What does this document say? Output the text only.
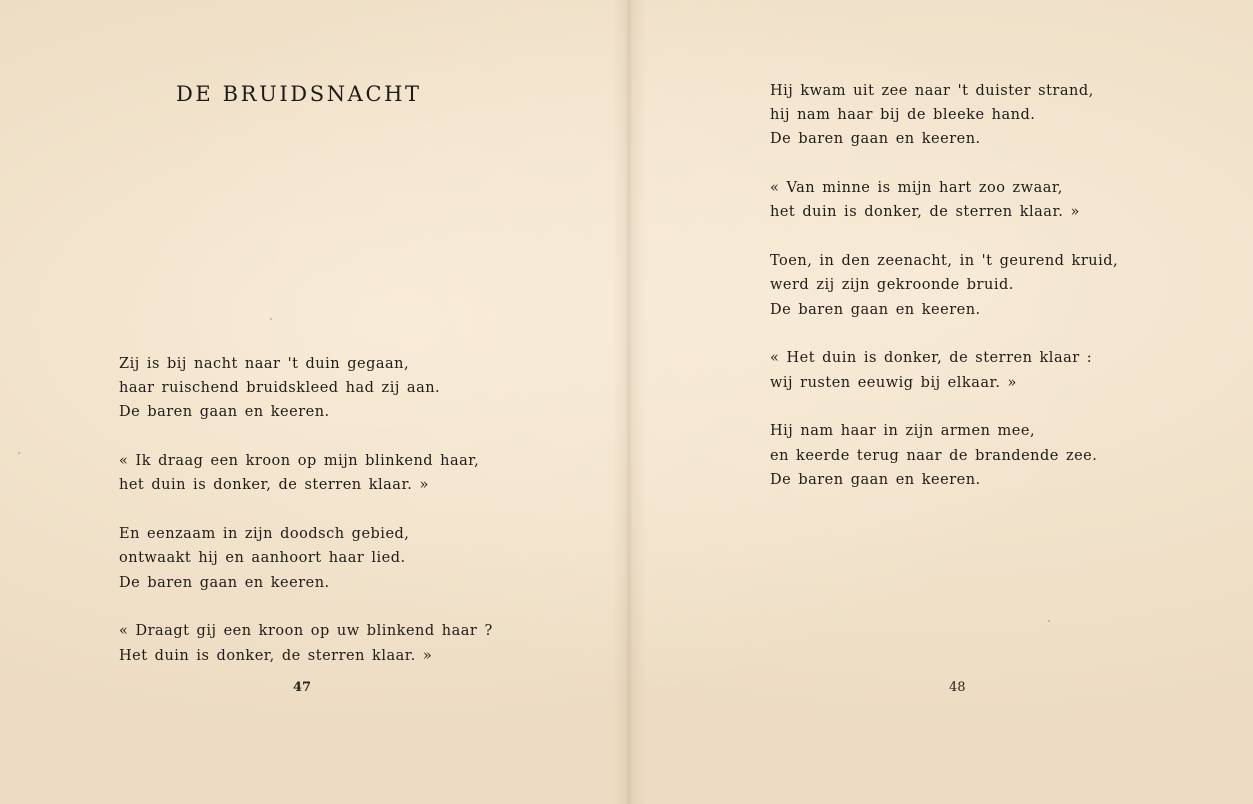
DE BRUIDSNACHT

Zij is bij nacht naar 't duin gegaan,
haar ruischend bruidskleed had zij aan.
De baren gaan en keeren.

« Ik draag een kroon op mijn blinkend haar,
het duin is donker, de sterren klaar. »

En eenzaam in zijn doodsch gebied,
ontwaakt hij en aanhoort haar lied.
De baren gaan en keeren.

« Draagt gij een kroon op uw blinkend haar ?
Het duin is donker, de sterren klaar. »

47

Hij kwam uit zee naar 't duister strand,
hij nam haar bij de bleeke hand.
De baren gaan en keeren.

« Van minne is mijn hart zoo zwaar,
het duin is donker, de sterren klaar. »

Toen, in den zeenacht, in 't geurend kruid,
werd zij zijn gekroonde bruid.
De baren gaan en keeren.

« Het duin is donker, de sterren klaar :
wij rusten eeuwig bij elkaar. »

Hij nam haar in zijn armen mee,
en keerde terug naar de brandende zee.
De baren gaan en keeren.

48
